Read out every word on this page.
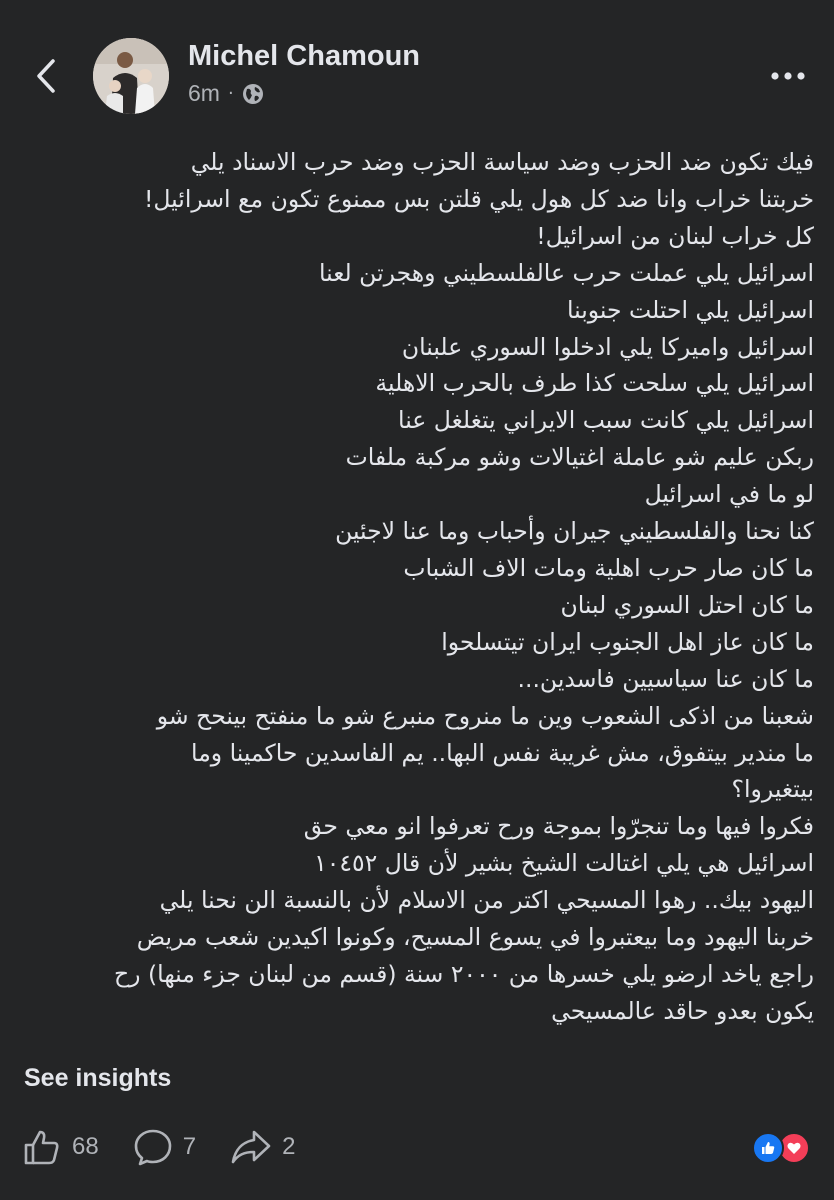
Michel Chamoun
6m ·
فيك تكون ضد الحزب وضد سياسة الحزب وضد حرب الاسناد يلي
خربتنا خراب وانا ضد كل هول يلي قلتن بس ممنوع تكون مع اسرائيل!
كل خراب لبنان من اسرائيل!
اسرائيل يلي عملت حرب عالفلسطيني وهجرتن لعنا
اسرائيل يلي احتلت جنوبنا
اسرائيل واميركا يلي ادخلوا السوري علبنان
اسرائيل يلي سلحت كذا طرف بالحرب الاهلية
اسرائيل يلي كانت سبب الايراني يتغلغل عنا
ربكن عليم شو عاملة اغتيالات وشو مركبة ملفات
لو ما في اسرائيل
كنا نحنا والفلسطيني جيران وأحباب وما عنا لاجئين
ما كان صار حرب اهلية ومات الاف الشباب
ما كان احتل السوري لبنان
ما كان عاز اهل الجنوب ايران تيتسلحوا
ما كان عنا سياسيين فاسدين...
شعبنا من اذكى الشعوب وين ما منروح منبرع شو ما منفتح بينحح شو
ما مندير بيتفوق، مش غريبة نفس البها.. يم الفاسدين حاكمينا وما
بيتغيروا؟
فكروا فيها وما تنجرّوا بموجة ورح تعرفوا انو معي حق
اسرائيل هي يلي اغتالت الشيخ بشير لأن قال ١٠٤٥٢
اليهود بيك.. رهوا المسيحي اكتر من الاسلام لأن بالنسبة الن نحنا يلي
خربنا اليهود وما بيعتبروا في يسوع المسيح، وكونوا اكيدين شعب مريض
راجع ياخد ارضو يلي خسرها من ٢٠٠٠ سنة (قسم من لبنان جزء منها) رح
يكون بعدو حاقد عالمسيحي
See insights
68	7	2
